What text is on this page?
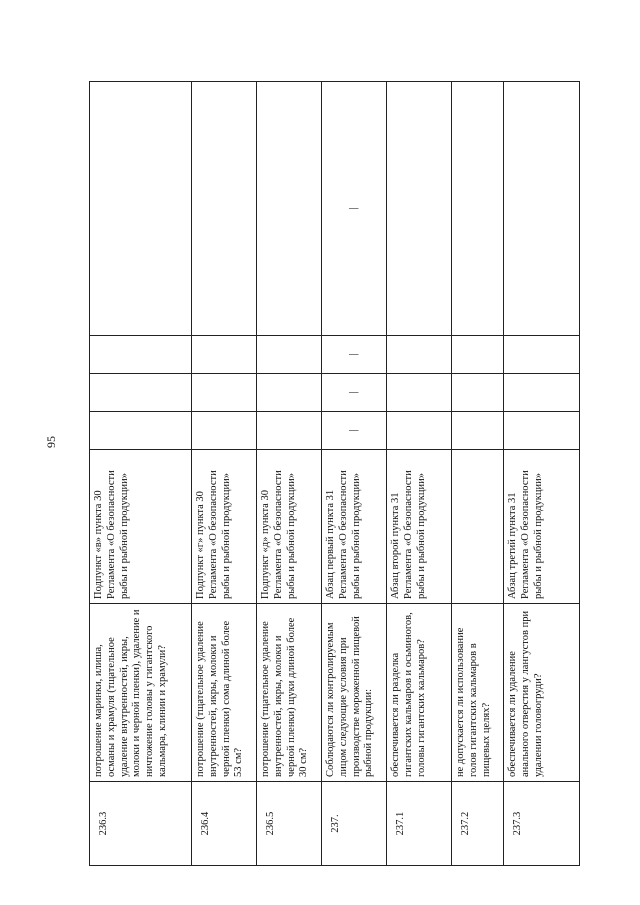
95
236.3	потрошение маринки, илиша, османы и храмуля (тщательное удаление внутренностей, икры, молоки и черной пленки), удаление и ничтожение головы у гигантского кальмара, клинии и храмули?	Подпункт «в» пункта 30 Регламента «О безопасности рыбы и рыбной продукции»				
236.4	потрошение (тщательное удаление внутренностей, икры, молоки и черной пленки) сома длиной более 53 см?	Подпункт «г» пункта 30 Регламента «О безопасности рыбы и рыбной продукции»				
236.5	потрошение (тщательное удаление внутренностей, икры, молоки и черной пленки) щуки длиной более 30 см?	Подпункт «д» пункта 30 Регламента «О безопасности рыбы и рыбной продукции»				
237.	Соблюдаются ли контролируемым лицом следующие условия при производстве мороженной пищевой рыбной продукции:	Абзац первый пункта 31 Регламента «О безопасности рыбы и рыбной продукции»	|	|	|	|
237.1	обеспечивается ли разделка гигантских кальмаров и осьминогов, головы гигантских кальмаров?	Абзац второй пункта 31 Регламента «О безопасности рыбы и рыбной продукции»				
237.2	не допускается ли использование голов гигантских кальмаров в пищевых целях?					
237.3	обеспечивается ли удаление анального отверстия у лангустов при удалении головогруди?	Абзац третий пункта 31 Регламента «О безопасности рыбы и рыбной продукции»				
